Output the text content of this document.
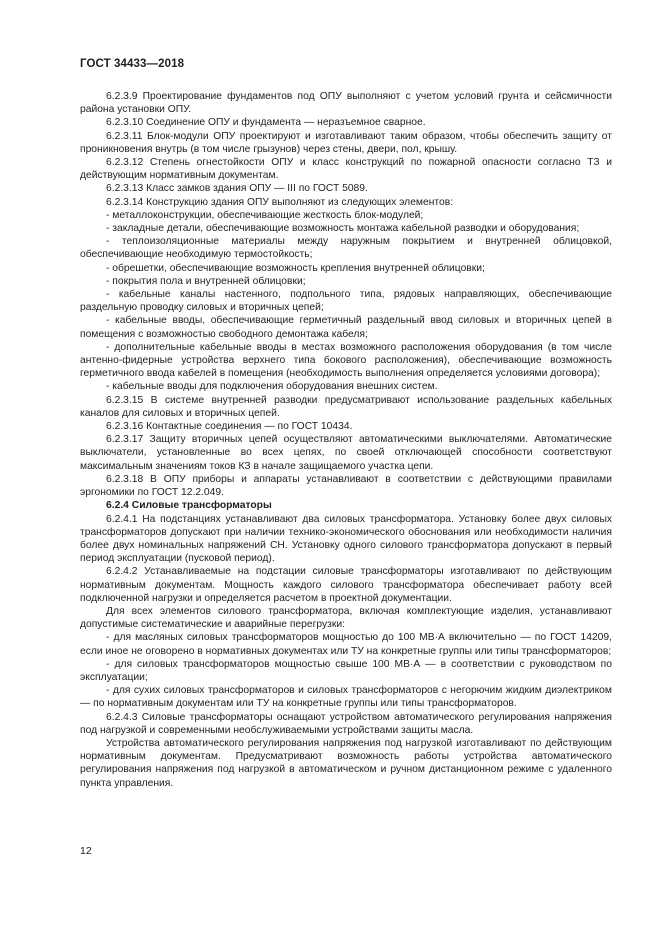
ГОСТ 34433—2018

6.2.3.9 Проектирование фундаментов под ОПУ выполняют с учетом условий грунта и сейсмичности района установки ОПУ.

6.2.3.10 Соединение ОПУ и фундамента — неразъемное сварное.

6.2.3.11 Блок-модули ОПУ проектируют и изготавливают таким образом, чтобы обеспечить защиту от проникновения внутрь (в том числе грызунов) через стены, двери, пол, крышу.

6.2.3.12 Степень огнестойкости ОПУ и класс конструкций по пожарной опасности согласно ТЗ и действующим нормативным документам.

6.2.3.13 Класс замков здания ОПУ — III по ГОСТ 5089.

6.2.3.14 Конструкцию здания ОПУ выполняют из следующих элементов:

- металлоконструкции, обеспечивающие жесткость блок-модулей;

- закладные детали, обеспечивающие возможность монтажа кабельной разводки и оборудования;

- теплоизоляционные материалы между наружным покрытием и внутренней облицовкой, обеспечивающие необходимую термостойкость;

- обрешетки, обеспечивающие возможность крепления внутренней облицовки;

- покрытия пола и внутренней облицовки;

- кабельные каналы настенного, подпольного типа, рядовых направляющих, обеспечивающие раздельную проводку силовых и вторичных цепей;

- кабельные вводы, обеспечивающие герметичный раздельный ввод силовых и вторичных цепей в помещения с возможностью свободного демонтажа кабеля;

- дополнительные кабельные вводы в местах возможного расположения оборудования (в том числе антенно-фидерные устройства верхнего типа бокового расположения), обеспечивающие возможность герметичного ввода кабелей в помещения (необходимость выполнения определяется условиями договора);

- кабельные вводы для подключения оборудования внешних систем.

6.2.3.15 В системе внутренней разводки предусматривают использование раздельных кабельных каналов для силовых и вторичных цепей.

6.2.3.16 Контактные соединения — по ГОСТ 10434.

6.2.3.17 Защиту вторичных цепей осуществляют автоматическими выключателями. Автоматические выключатели, установленные во всех цепях, по своей отключающей способности соответствуют максимальным значениям токов КЗ в начале защищаемого участка цепи.

6.2.3.18 В ОПУ приборы и аппараты устанавливают в соответствии с действующими правилами эргономики по ГОСТ 12.2.049.

6.2.4 Силовые трансформаторы

6.2.4.1 На подстанциях устанавливают два силовых трансформатора. Установку более двух силовых трансформаторов допускают при наличии технико-экономического обоснования или необходимости наличия более двух номинальных напряжений СН. Установку одного силового трансформатора допускают в первый период эксплуатации (пусковой период).

6.2.4.2 Устанавливаемые на подстации силовые трансформаторы изготавливают по действующим нормативным документам. Мощность каждого силового трансформатора обеспечивает работу всей подключенной нагрузки и определяется расчетом в проектной документации.

Для всех элементов силового трансформатора, включая комплектующие изделия, устанавливают допустимые систематические и аварийные перегрузки:

- для масляных силовых трансформаторов мощностью до 100 МВ·А включительно — по ГОСТ 14209, если иное не оговорено в нормативных документах или ТУ на конкретные группы или типы трансформаторов;

- для силовых трансформаторов мощностью свыше 100 МВ·А — в соответствии с руководством по эксплуатации;

- для сухих силовых трансформаторов и силовых трансформаторов с негорючим жидким диэлектриком — по нормативным документам или ТУ на конкретные группы или типы трансформаторов.

6.2.4.3 Силовые трансформаторы оснащают устройством автоматического регулирования напряжения под нагрузкой и современными необслуживаемыми устройствами защиты масла.

Устройства автоматического регулирования напряжения под нагрузкой изготавливают по действующим нормативным документам. Предусматривают возможность работы устройства автоматического регулирования напряжения под нагрузкой в автоматическом и ручном дистанционном режиме с удаленного пункта управления.

12
